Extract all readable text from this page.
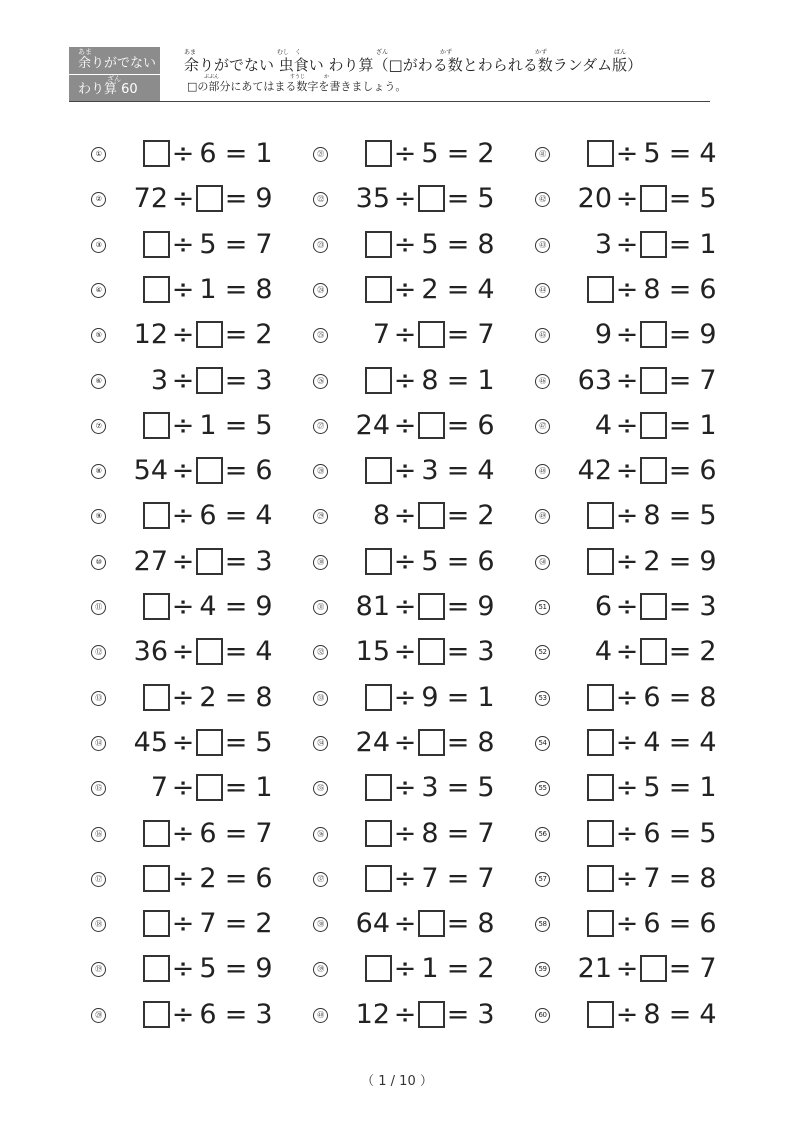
あま
余りがでない
ざん
わり算 60
余りがでない 虫食い わり算（□がわる数とわられる数ランダム版）
あま	むし く	ざん	かず	かず	ばん
□の部分にあてはまる数字を書きましょう。
ぶぶん	すうじ	か
①	÷ 6 = 1
②	72 ÷ = 9
③	÷ 5 = 7
④	÷ 1 = 8
⑤	12 ÷ = 2
⑥	3 ÷ = 3
⑦	÷ 1 = 5
⑧	54 ÷ = 6
⑨	÷ 6 = 4
⑩	27 ÷ = 3
⑪	÷ 4 = 9
⑫	36 ÷ = 4
⑬	÷ 2 = 8
⑭	45 ÷ = 5
⑮	7 ÷ = 1
⑯	÷ 6 = 7
⑰	÷ 2 = 6
⑱	÷ 7 = 2
⑲	÷ 5 = 9
⑳	÷ 6 = 3
㉑	÷ 5 = 2
㉒	35 ÷ = 5
㉓	÷ 5 = 8
㉔	÷ 2 = 4
㉕	7 ÷ = 7
㉖	÷ 8 = 1
㉗	24 ÷ = 6
㉘	÷ 3 = 4
㉙	8 ÷ = 2
㉚	÷ 5 = 6
㉛	81 ÷ = 9
㉜	15 ÷ = 3
㉝	÷ 9 = 1
㉞	24 ÷ = 8
㉟	÷ 3 = 5
㊱	÷ 8 = 7
㊲	÷ 7 = 7
㊳	64 ÷ = 8
㊴	÷ 1 = 2
㊵	12 ÷ = 3
㊶	÷ 5 = 4
㊷	20 ÷ = 5
㊸	3 ÷ = 1
㊹	÷ 8 = 6
㊺	9 ÷ = 9
㊻	63 ÷ = 7
㊼	4 ÷ = 1
㊽	42 ÷ = 6
㊾	÷ 8 = 5
㊿	÷ 2 = 9
51	6 ÷ = 3
52	4 ÷ = 2
53	÷ 6 = 8
54	÷ 4 = 4
55	÷ 5 = 1
56	÷ 6 = 5
57	÷ 7 = 8
58	÷ 6 = 6
59	21 ÷ = 7
60	÷ 8 = 4
（ 1 / 10 ）
